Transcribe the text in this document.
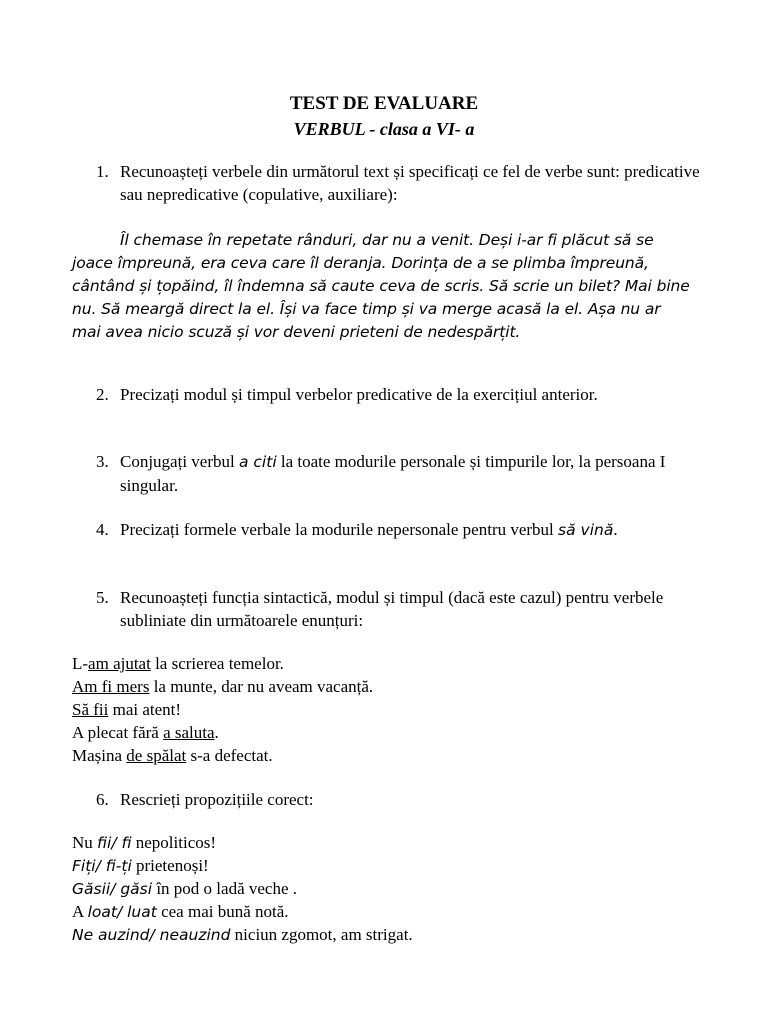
TEST DE EVALUARE
VERBUL - clasa a VI- a
1. Recunoașteți verbele din următorul text și specificați ce fel de verbe sunt: predicative sau nepredicative (copulative, auxiliare):
Îl chemase în repetate rânduri, dar nu a venit. Deși i-ar fi plăcut să se joace împreună, era ceva care îl deranja. Dorința de a se plimba împreună, cântând și țopăind, îl îndemna să caute ceva de scris. Să scrie un bilet? Mai bine nu. Să meargă direct la el. Își va face timp și va merge acasă la el. Așa nu ar mai avea nicio scuză și vor deveni prieteni de nedespărțit.
2. Precizați modul și timpul verbelor predicative de la exercițiul anterior.
3. Conjugați verbul a citi la toate modurile personale și timpurile lor, la persoana I singular.
4. Precizați formele verbale la modurile nepersonale pentru verbul să vină.
5. Recunoașteți funcția sintactică, modul și timpul (dacă este cazul) pentru verbele subliniate din următoarele enunțuri:
L-am ajutat la scrierea temelor.
Am fi mers la munte, dar nu aveam vacanță.
Să fii mai atent!
A plecat fără a saluta.
Mașina de spălat s-a defectat.
6. Rescrieți propozițiile corect:
Nu fii/ fi nepoliticos!
Fiți/ fi-ți prietenoși!
Găsii/ găsi în pod o ladă veche .
A loat/ luat cea mai bună notă.
Ne auzind/ neauzind niciun zgomot, am strigat.
